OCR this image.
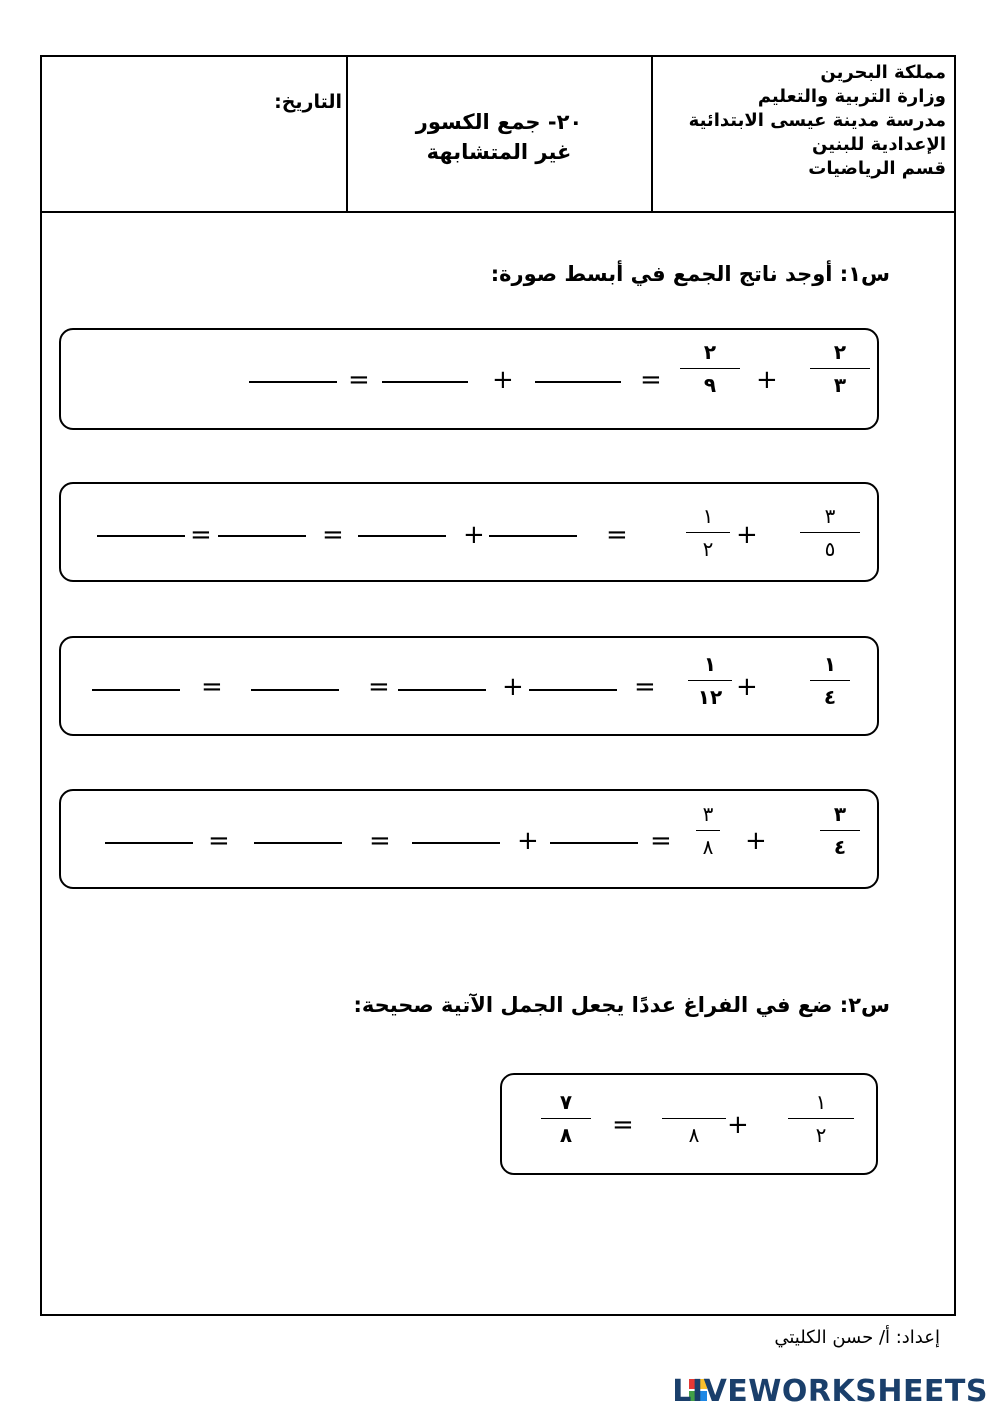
مملكة البحرين
وزارة التربية والتعليم
مدرسة مدينة عيسى الابتدائية
الإعدادية للبنين
قسم الرياضيات
٢٠- جمع الكسور
غير المتشابهة
التاريخ:
س١: أوجد ناتج الجمع في أبسط صورة:
٢
٣
+
٢
٩
=
+
=
٣
٥
+
١
٢
=
+
=
=
١
٤
+
١
١٢
=
+
=
=
٣
٤
+
٣
٨
=
+
=
=
س٢: ضع في الفراغ عددًا يجعل الجمل الآتية صحيحة:
١
٢
+
٨
=
٧
٨
إعداد: أ/ حسن الكليتي
LIVEWORKSHEETS
